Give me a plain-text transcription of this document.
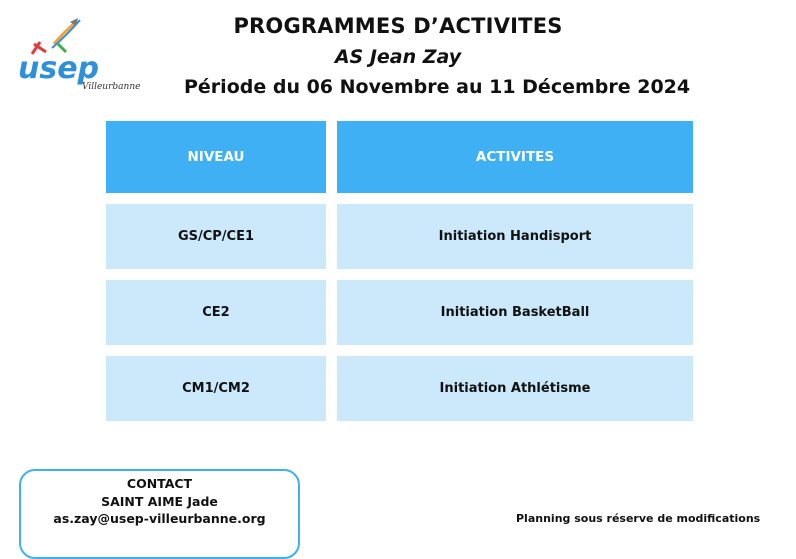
usep
Villeurbanne
PROGRAMMES D’ACTIVITES
AS Jean Zay
Période du 06 Novembre au 11 Décembre 2024
NIVEAU	ACTIVITES
GS/CP/CE1	Initiation Handisport
CE2	Initiation BasketBall
CM1/CM2	Initiation Athlétisme
CONTACT
SAINT AIME Jade
as.zay@usep-villeurbanne.org	Planning sous réserve de modifications
